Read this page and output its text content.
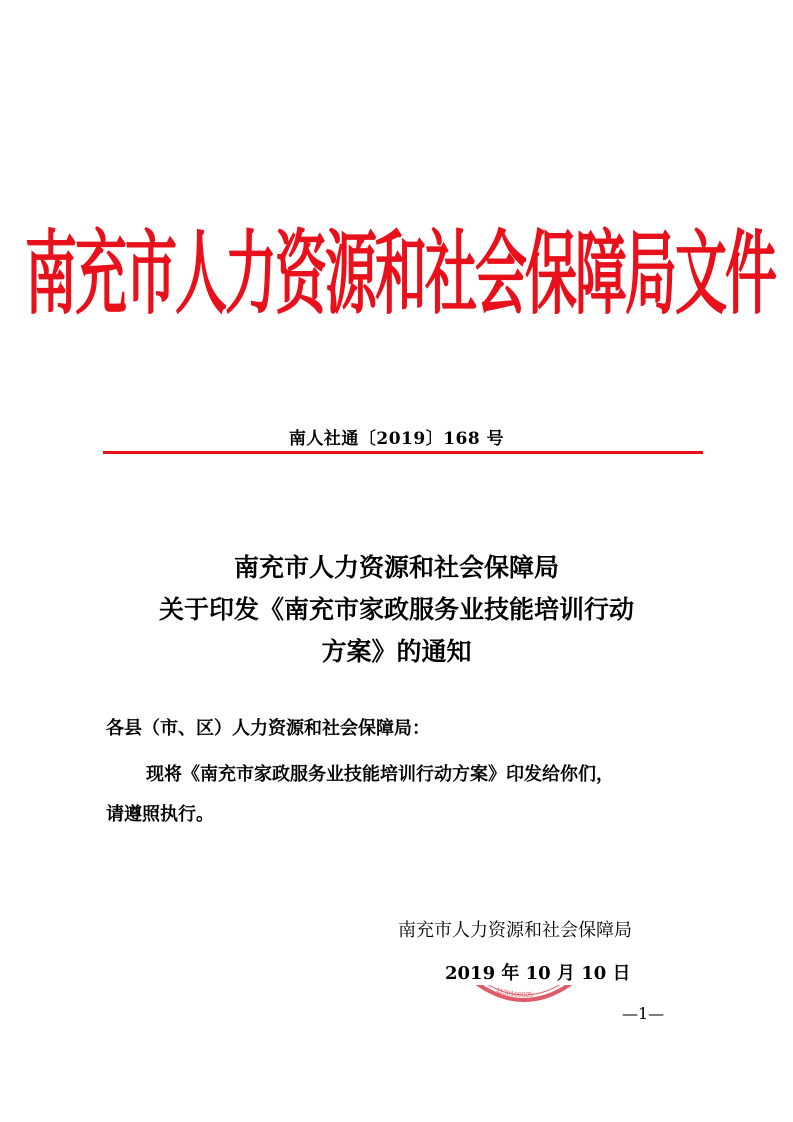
南充市人力资源和社会保障局文件
南人社通〔2019〕168 号
南充市人力资源和社会保障局
关于印发《南充市家政服务业技能培训行动
方案》的通知
各县（市、区）人力资源和社会保障局：
现将《南充市家政服务业技能培训行动方案》印发给你们，
请遵照执行。
南充市人力资源和社会保障局
2019 年 10 月 10 日
1130100925
—1—
